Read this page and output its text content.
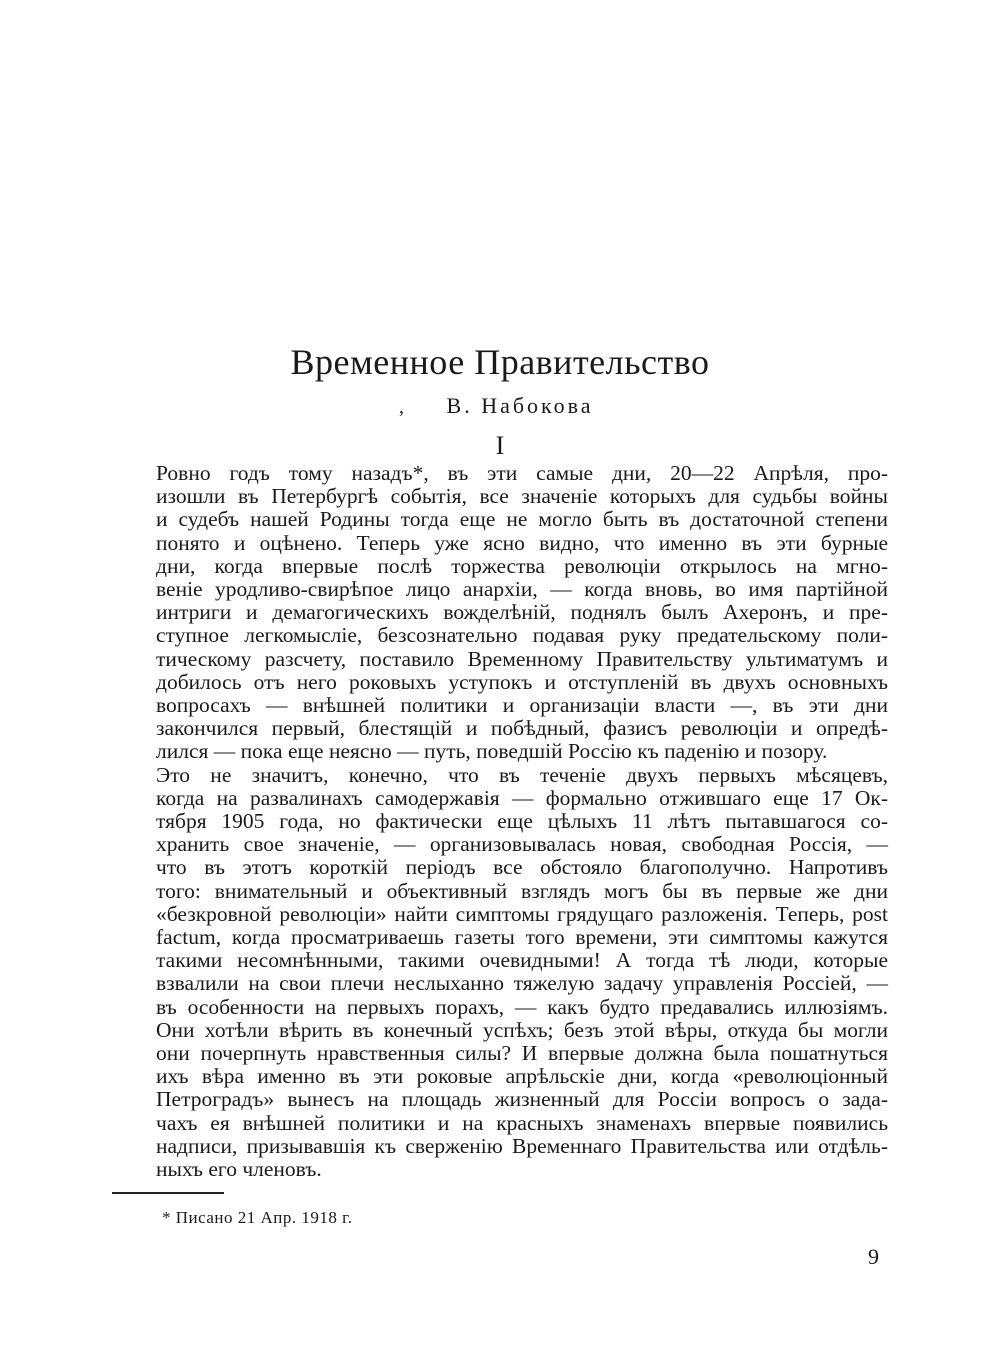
Временное Правительство
‚	В. Набокова
I

Ровно годъ тому назадъ*, въ эти самые дни, 20—22 Апрѣля, про-
изошли въ Петербургѣ событія, все значеніе которыхъ для судьбы войны
и судебъ нашей Родины тогда еще не могло быть въ достаточной степени
понято и оцѣнено. Теперь уже ясно видно, что именно въ эти бурные
дни, когда впервые послѣ торжества революціи открылось на мгно-
веніе уродливо-свирѣпое лицо анархіи, — когда вновь, во имя партійной
интриги и демагогическихъ вожделѣній, поднялъ былъ Ахеронъ, и пре-
ступное легкомысліе, безсознательно подавая руку предательскому поли-
тическому разсчету, поставило Временному Правительству ультиматумъ и
добилось отъ него роковыхъ уступокъ и отступленій въ двухъ основныхъ
вопросахъ — внѣшней политики и организаціи власти —, въ эти дни
закончился первый, блестящій и побѣдный, фазисъ революціи и опредѣ-
лился — пока еще неясно — путь, поведшій Россію къ паденію и позору.

Это не значитъ, конечно, что въ теченіе двухъ первыхъ мѣсяцевъ,
когда на развалинахъ самодержавія — формально отжившаго еще 17 Ок-
тября 1905 года, но фактически еще цѣлыхъ 11 лѣтъ пытавшагося со-
хранить свое значеніе, — организовывалась новая, свободная Россія, —
что въ этотъ короткій періодъ все обстояло благополучно. Напротивъ
того: внимательный и объективный взглядъ могъ бы въ первые же дни
«безкровной революціи» найти симптомы грядущаго разложенія. Теперь, post
factum, когда просматриваешь газеты того времени, эти симптомы кажутся
такими несомнѣнными, такими очевидными! А тогда тѣ люди, которые
взвалили на свои плечи неслыханно тяжелую задачу управленія Россіей, —
въ особенности на первыхъ порахъ, — какъ будто предавались иллюзіямъ.
Они хотѣли вѣрить въ конечный успѣхъ; безъ этой вѣры, откуда бы могли
они почерпнуть нравственныя силы? И впервые должна была пошатнуться
ихъ вѣра именно въ эти роковые апрѣльскіе дни, когда «революціонный
Петроградъ» вынесъ на площадь жизненный для Россіи вопросъ о зада-
чахъ ея внѣшней политики и на красныхъ знаменахъ впервые появились
надписи, призывавшія къ сверженію Временнаго Правительства или отдѣль-
ныхъ его членовъ.

* Писано 21 Апр. 1918 г.
9
